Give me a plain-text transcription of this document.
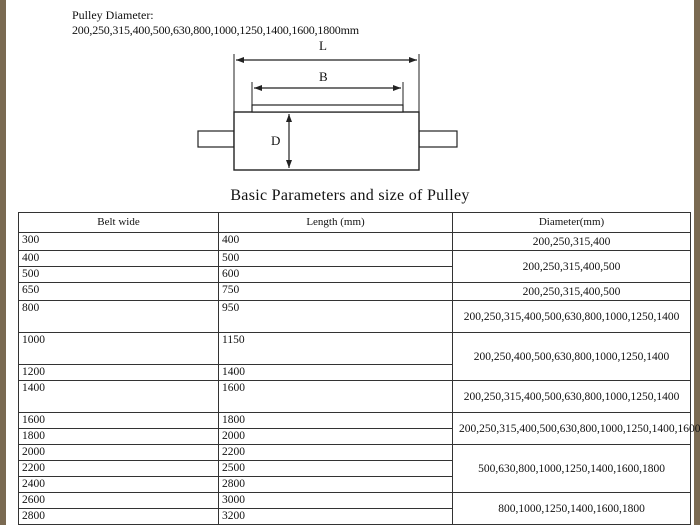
Pulley Diameter:
200,250,315,400,500,630,800,1000,1250,1400,1600,1800mm
L
B
D
Basic Parameters and size of Pulley
Belt wide	Length (mm)	Diameter(mm)
300	400	200,250,315,400
400	500	200,250,315,400,500
500	600	
650	750	200,250,315,400,500
800	950	200,250,315,400,500,630,800,1000,1250,1400
1000	1150	200,250,400,500,630,800,1000,1250,1400
1200	1400	
1400	1600	200,250,315,400,500,630,800,1000,1250,1400
1600	1800	200,250,315,400,500,630,800,1000,1250,1400,1600
1800	2000	
2000	2200	500,630,800,1000,1250,1400,1600,1800
2200	2500	
2400	2800	
2600	3000	800,1000,1250,1400,1600,1800
2800	3200	
